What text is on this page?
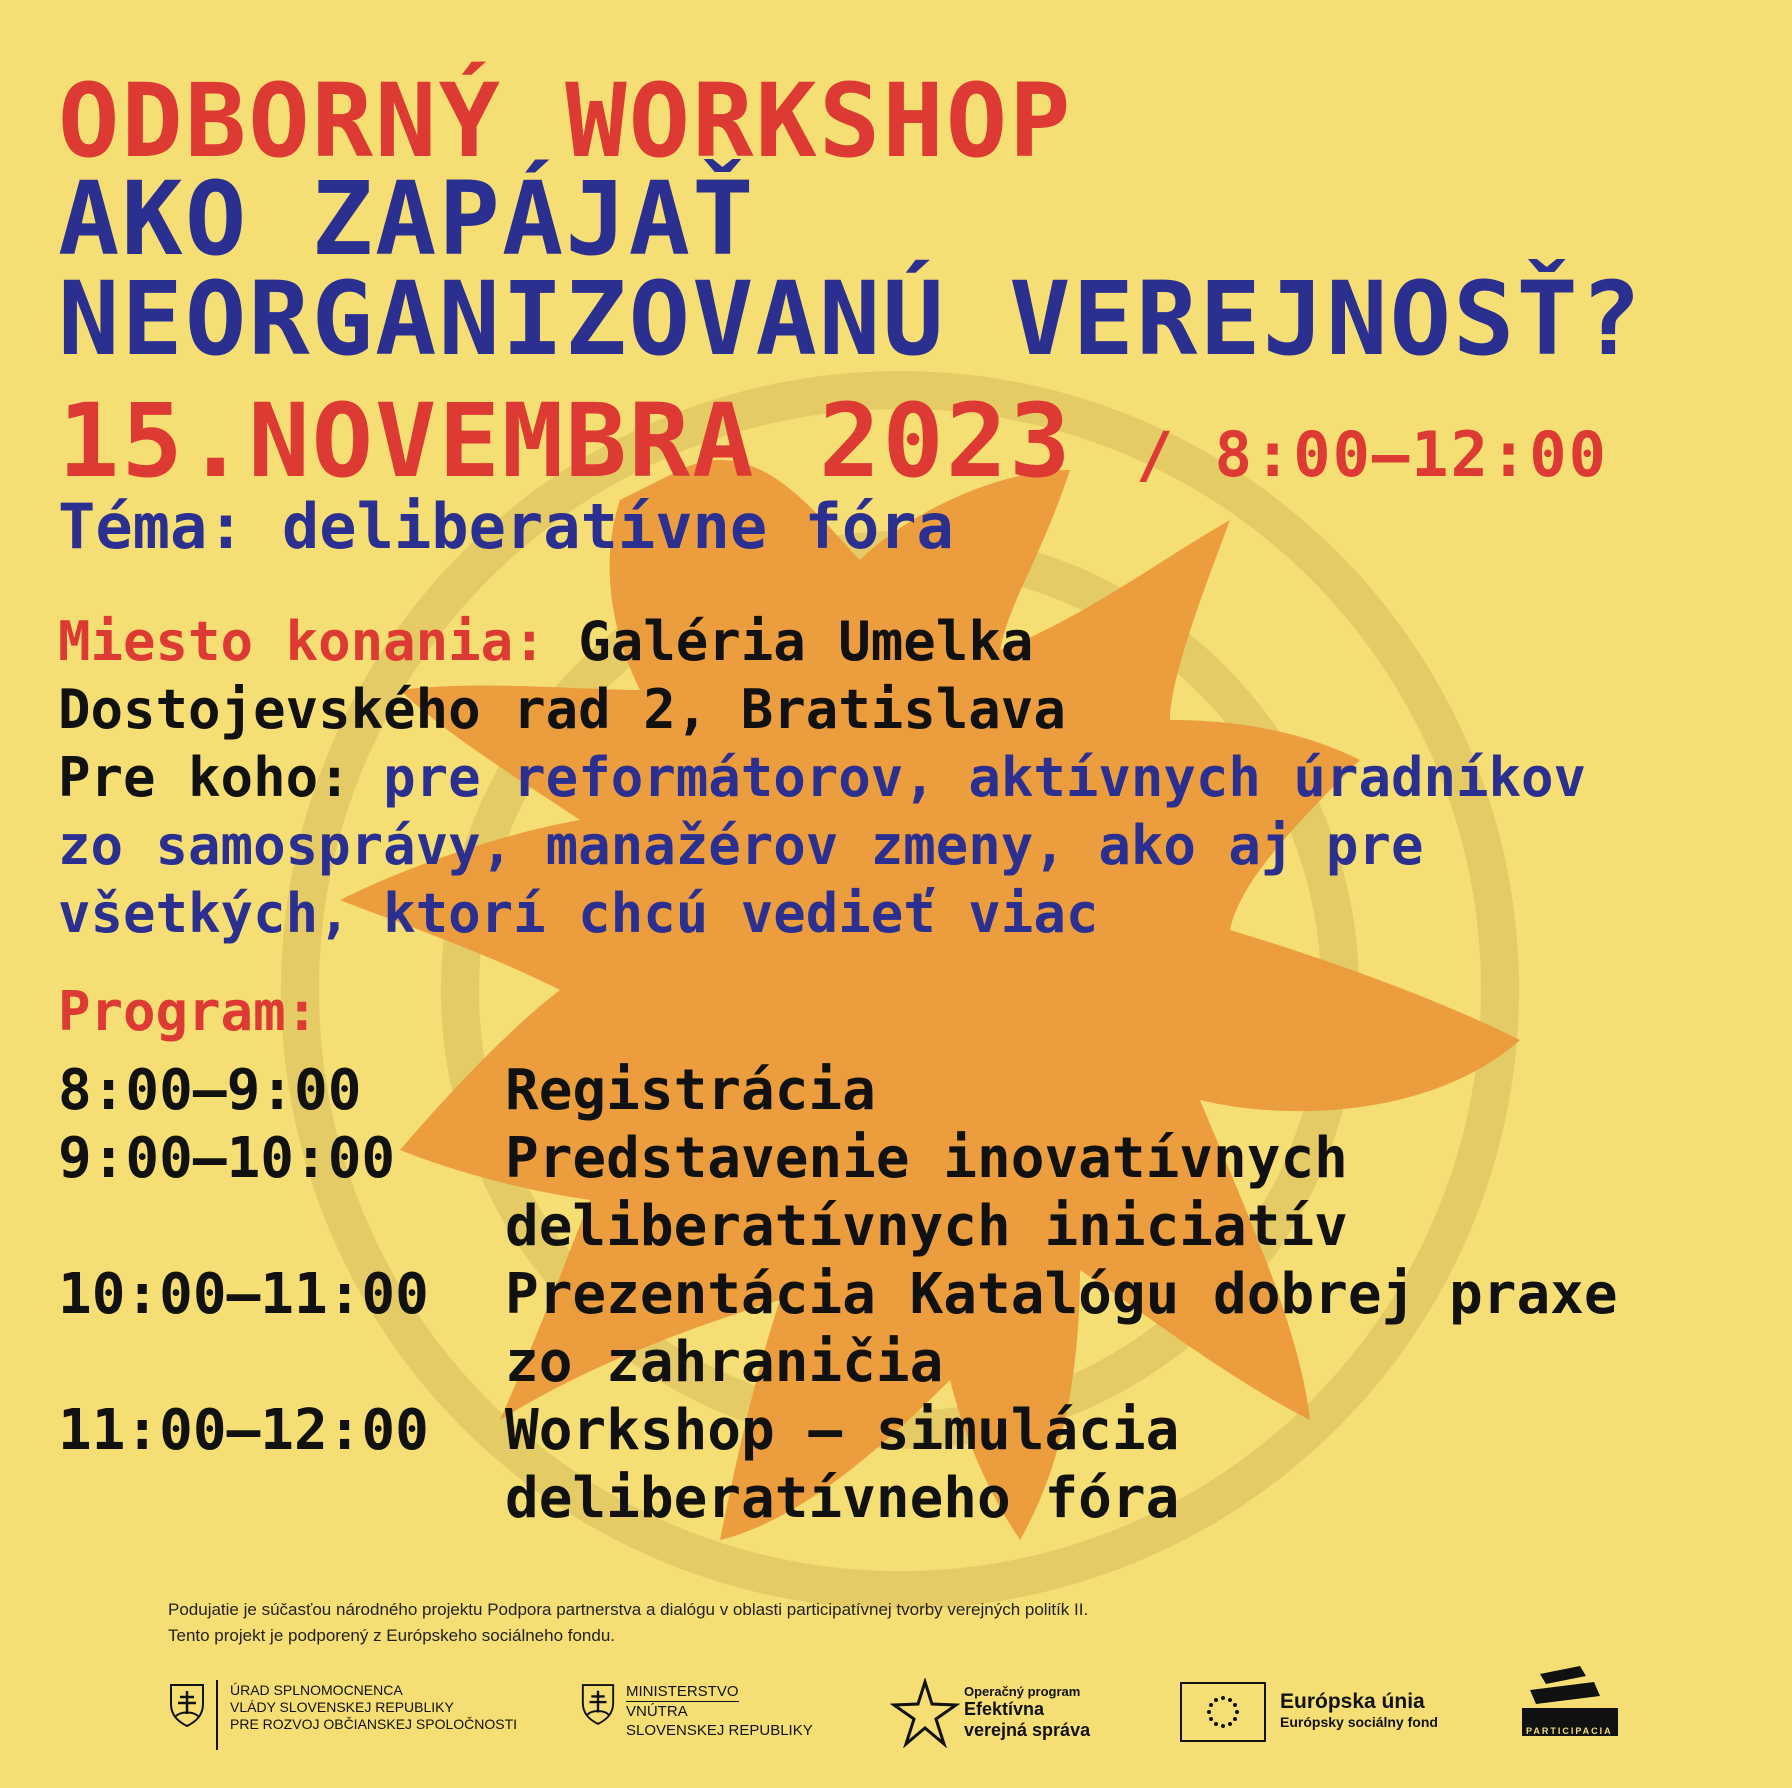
ODBORNÝ WORKSHOP
AKO ZAPÁJAŤ
NEORGANIZOVANÚ VEREJNOSŤ?
15.NOVEMBRA 2023 / 8:00–12:00
Téma: deliberatívne fóra
Miesto konania: Galéria Umelka
Dostojevského rad 2, Bratislava
Pre koho: pre reformátorov, aktívnych úradníkov
zo samosprávy, manažérov zmeny, ako aj pre
všetkých, ktorí chcú vedieť viac
Program:
8:00–9:00	Registrácia
9:00–10:00 Predstavenie inovatívnych
deliberatívnych iniciatív
10:00–11:00 Prezentácia Katalógu dobrej praxe
zo zahraničia
11:00–12:00 Workshop – simulácia
deliberatívneho fóra
Podujatie je súčasťou národného projektu Podpora partnerstva a dialógu v oblasti participatívnej tvorby verejných politík II.
Tento projekt je podporený z Európskeho sociálneho fondu.
ÚRAD SPLNOMOCNENCA
VLÁDY SLOVENSKEJ REPUBLIKY
PRE ROZVOJ OBČIANSKEJ SPOLOČNOSTI
MINISTERSTVO
VNÚTRA
SLOVENSKEJ REPUBLIKY
Operačný program
Efektívna
verejná správa
Európska únia
Európsky sociálny fond
PARTICIPACIA
